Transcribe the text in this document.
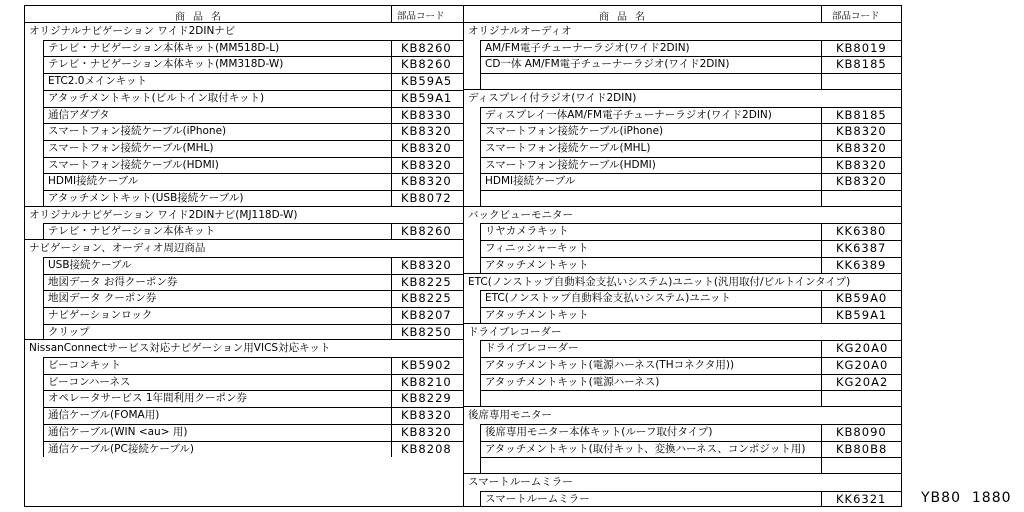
商品名	部品コード
オリジナルナビゲーション ワイド2DINナビ
テレビ・ナビゲーション本体キット(MM518D-L)	KB8260
テレビ・ナビゲーション本体キット(MM318D-W)	KB8260
ETC2.0メインキット	KB59A5
アタッチメントキット(ビルトイン取付キット)	KB59A1
通信アダプタ	KB8330
スマートフォン接続ケーブル(iPhone)	KB8320
スマートフォン接続ケーブル(MHL)	KB8320
スマートフォン接続ケーブル(HDMI)	KB8320
HDMI接続ケーブル	KB8320
アタッチメントキット(USB接続ケーブル)	KB8072
オリジナルナビゲーション ワイド2DINナビ(MJ118D-W)
テレビ・ナビゲーション本体キット	KB8260
ナビゲーション、オーディオ周辺商品
USB接続ケーブル	KB8320
地図データ お得クーポン券	KB8225
地図データ クーポン券	KB8225
ナビゲーションロック	KB8207
クリップ	KB8250
NissanConnectサービス対応ナビゲーション用VICS対応キット
ビーコンキット	KB5902
ビーコンハーネス	KB8210
オペレータサービス 1年間利用クーポン券	KB8229
通信ケーブル(FOMA用)	KB8320
通信ケーブル(WIN <au> 用)	KB8320
通信ケーブル(PC接続ケーブル)	KB8208
商品名	部品コード
オリジナルオーディオ
AM/FM電子チューナーラジオ(ワイド2DIN)	KB8019
CD一体 AM/FM電子チューナーラジオ(ワイド2DIN)	KB8185
ディスプレイ付ラジオ(ワイド2DIN)
ディスプレイ一体AM/FM電子チューナーラジオ(ワイド2DIN)	KB8185
スマートフォン接続ケーブル(iPhone)	KB8320
スマートフォン接続ケーブル(MHL)	KB8320
スマートフォン接続ケーブル(HDMI)	KB8320
HDMI接続ケーブル	KB8320
バックビューモニター
リヤカメラキット	KK6380
フィニッシャーキット	KK6387
アタッチメントキット	KK6389
ETC(ノンストップ自動料金支払いシステム)ユニット(汎用取付/ビルトインタイプ)
ETC(ノンストップ自動料金支払いシステム)ユニット	KB59A0
アタッチメントキット	KB59A1
ドライブレコーダー
ドライブレコーダー	KG20A0
アタッチメントキット(電源ハーネス(THコネクタ用))	KG20A0
アタッチメントキット(電源ハーネス)	KG20A2
後席専用モニター
後席専用モニター本体キット(ルーフ取付タイプ)	KB8090
アタッチメントキット(取付キット、変換ハーネス、コンポジット用)	KB80B8
スマートルームミラー
スマートルームミラー	KK6321 YB80 1880
